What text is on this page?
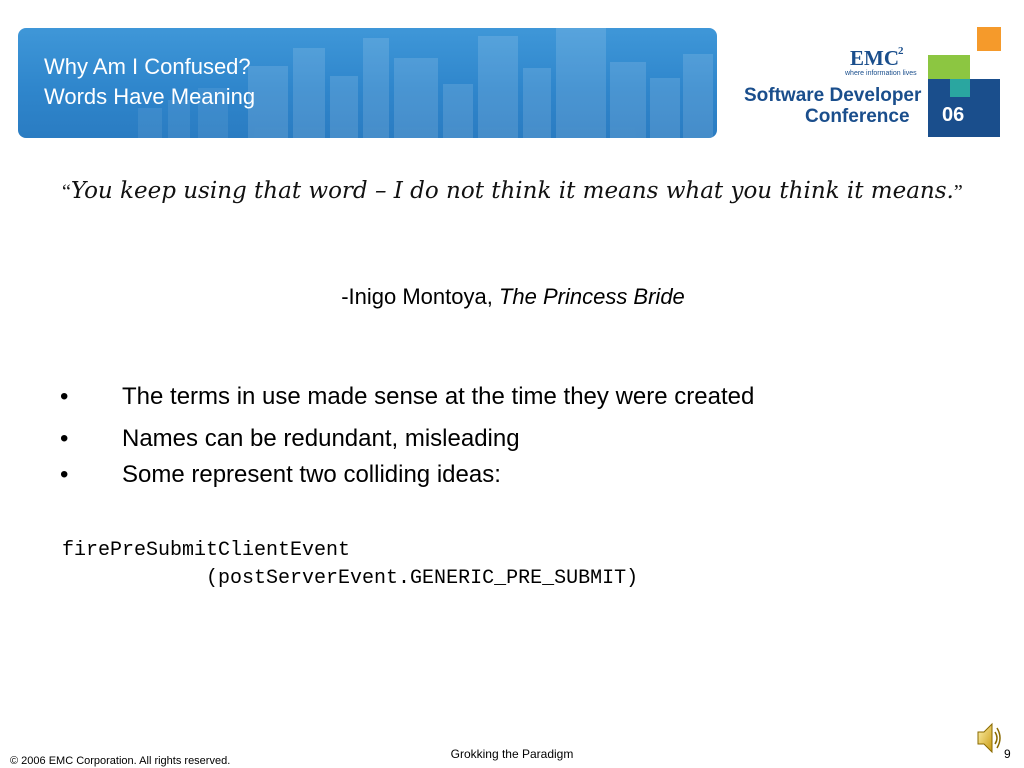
Why Am I Confused?
Words Have Meaning
EMC 2
where information lives
Software Developer
Conference 06
“You keep using that word – I do not think it means what you think it means.”
-Inigo Montoya, The Princess Bride
• The terms in use made sense at the time they were created
• Names can be redundant, misleading
• Some represent two colliding ideas:
firePreSubmitClientEvent
(postServerEvent.GENERIC_PRE_SUBMIT)
Grokking the Paradigm
© 2006 EMC Corporation. All rights reserved.	9
